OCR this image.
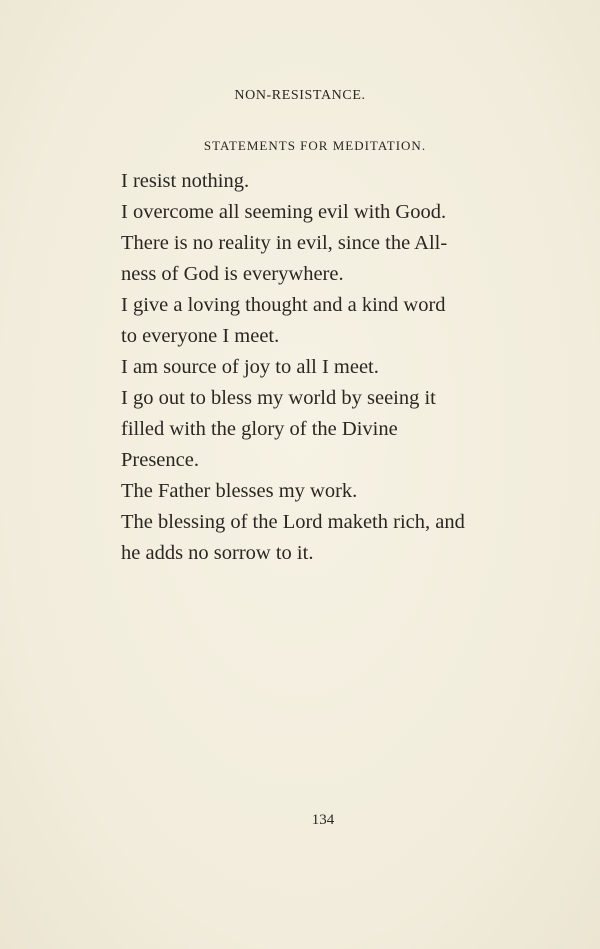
NON-RESISTANCE.
STATEMENTS FOR MEDITATION.

I resist nothing.

I overcome all seeming evil with Good.

There is no reality in evil, since the All-
ness of God is everywhere.

I give a loving thought and a kind word
to everyone I meet.

I am source of joy to all I meet.

I go out to bless my world by seeing it
filled with the glory of the Divine
Presence.

The Father blesses my work.

The blessing of the Lord maketh rich, and
he adds no sorrow to it.

134
